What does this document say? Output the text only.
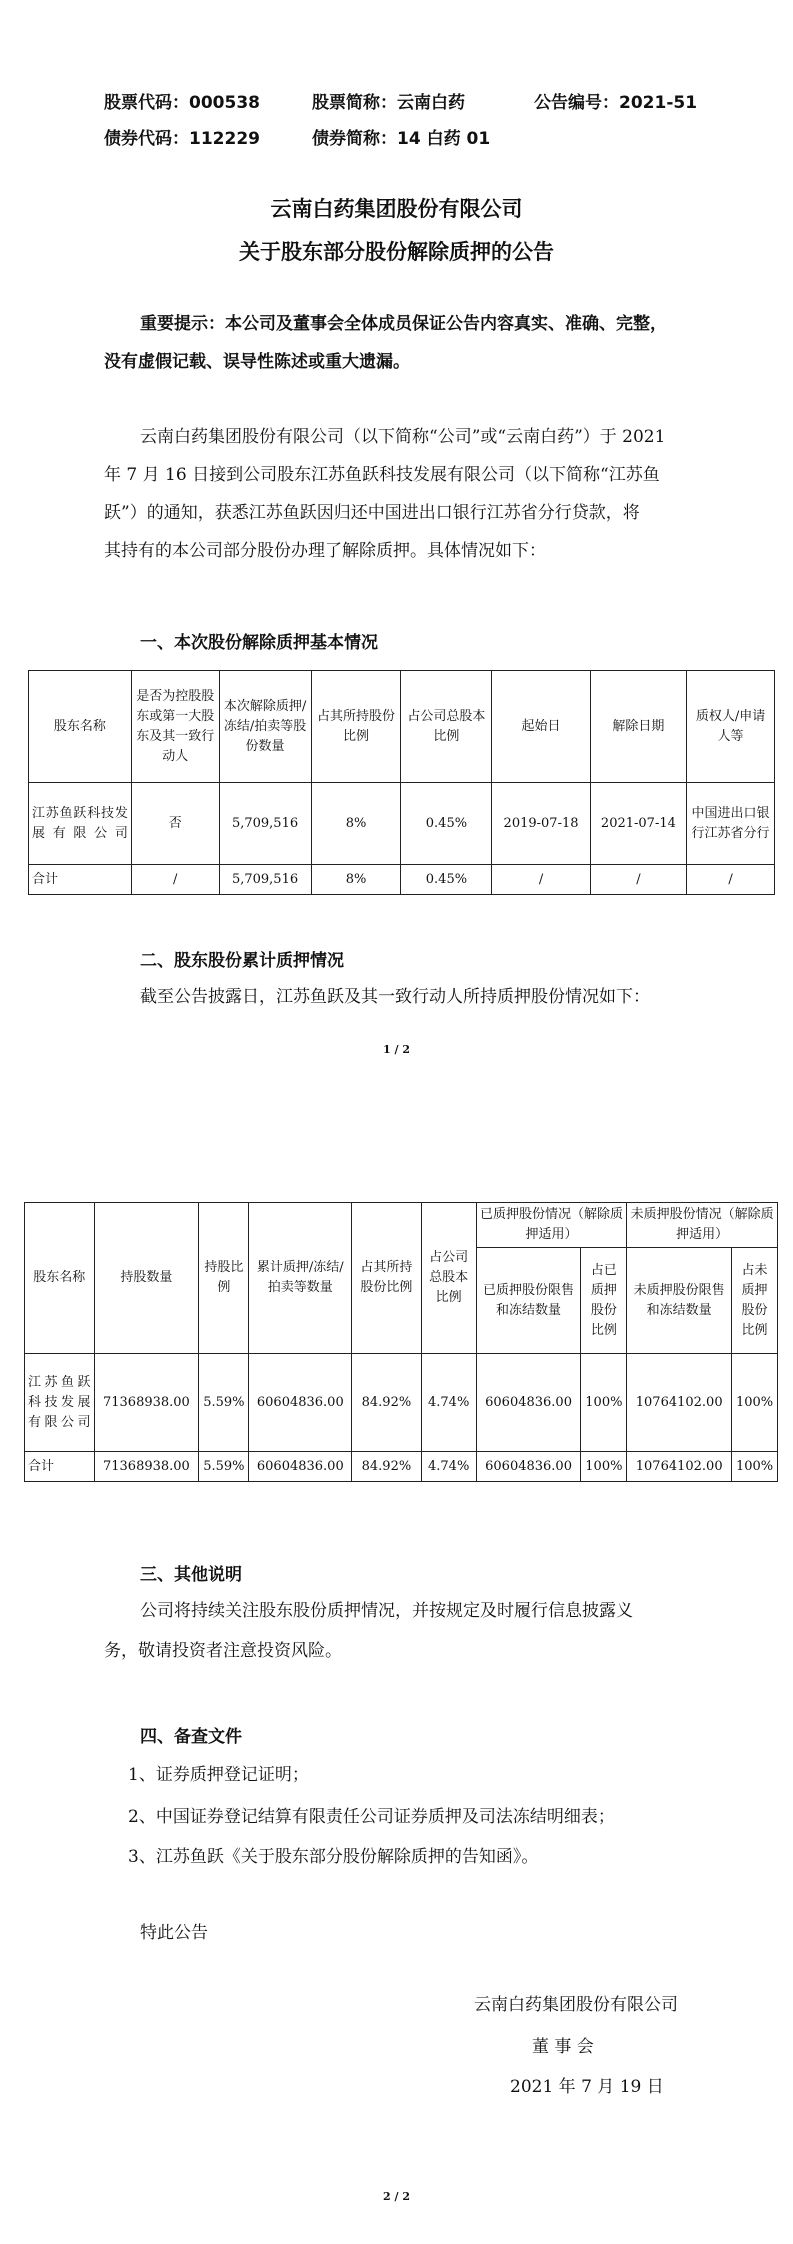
股票代码：000538	股票简称：云南白药	公告编号：2021-51
债券代码：112229	债券简称：14 白药 01
云南白药集团股份有限公司
关于股东部分股份解除质押的公告
重要提示：本公司及董事会全体成员保证公告内容真实、准确、完整，
没有虚假记载、误导性陈述或重大遗漏。
云南白药集团股份有限公司（以下简称“公司”或“云南白药”）于 2021
年 7 月 16 日接到公司股东江苏鱼跃科技发展有限公司（以下简称“江苏鱼
跃”）的通知，获悉江苏鱼跃因归还中国进出口银行江苏省分行贷款，将
其持有的本公司部分股份办理了解除质押。具体情况如下：
一、本次股份解除质押基本情况
股东名称	是否为控股股东或第一大股东及其一致行动人	本次解除质押/冻结/拍卖等股份数量	占其所持股份比例	占公司总股本比例	起始日	解除日期	质权人/申请人等
江苏鱼跃科技发展有限公司	否	5,709,516	8%	0.45%	2019-07-18	2021-07-14	中国进出口银行江苏省分行
合计	/	5,709,516	8%	0.45%	/	/	/
二、股东股份累计质押情况
截至公告披露日，江苏鱼跃及其一致行动人所持质押股份情况如下：
1 / 2
股东名称	持股数量	持股比例	累计质押/冻结/拍卖等数量	占其所持股份比例	占公司总股本比例	已质押股份情况（解除质押适用）		未质押股份情况（解除质押适用）	
						已质押股份限售和冻结数量	占已质押股份比例	未质押股份限售和冻结数量	占未质押股份比例
江苏鱼跃科技发展有限公司	71368938.00	5.59%	60604836.00	84.92%	4.74%	60604836.00	100%	10764102.00	100%
合计	71368938.00	5.59%	60604836.00	84.92%	4.74%	60604836.00	100%	10764102.00	100%
三、其他说明
公司将持续关注股东股份质押情况，并按规定及时履行信息披露义
务，敬请投资者注意投资风险。
四、备查文件
1、证券质押登记证明；
2、中国证券登记结算有限责任公司证券质押及司法冻结明细表；
3、江苏鱼跃《关于股东部分股份解除质押的告知函》。
特此公告
云南白药集团股份有限公司
董 事 会
2021 年 7 月 19 日
2 / 2
